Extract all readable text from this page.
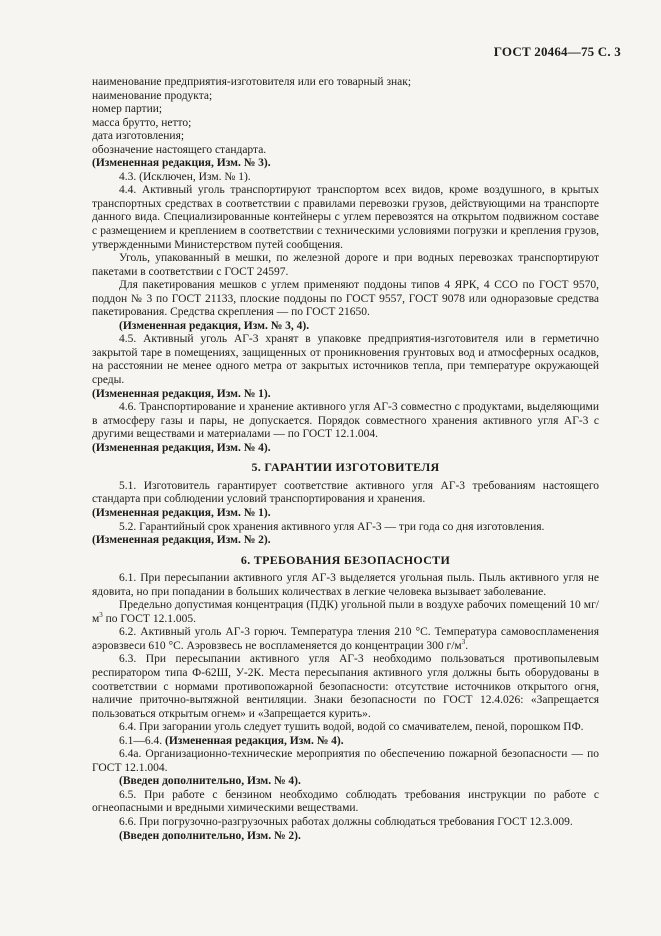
ГОСТ 20464—75 С. 3

наименование предприятия-изготовителя или его товарный знак;

наименование продукта;

номер партии;

масса брутто, нетто;

дата изготовления;

обозначение настоящего стандарта.

(Измененная редакция, Изм. № 3).

4.3. (Исключен, Изм. № 1).

4.4. Активный уголь транспортируют транспортом всех видов, кроме воздушного, в крытых транспортных средствах в соответствии с правилами перевозки грузов, действующими на транспорте данного вида. Специализированные контейнеры с углем перевозятся на открытом подвижном составе с размещением и креплением в соответствии с техническими условиями погрузки и крепления грузов, утвержденными Министерством путей сообщения.

Уголь, упакованный в мешки, по железной дороге и при водных перевозках транспортируют пакетами в соответствии с ГОСТ 24597.

Для пакетирования мешков с углем применяют поддоны типов 4 ЯРК, 4 ССО по ГОСТ 9570, поддон № 3 по ГОСТ 21133, плоские поддоны по ГОСТ 9557, ГОСТ 9078 или одноразовые средства пакетирования. Средства скрепления — по ГОСТ 21650.

(Измененная редакция, Изм. № 3, 4).

4.5. Активный уголь АГ-3 хранят в упаковке предприятия-изготовителя или в герметично закрытой таре в помещениях, защищенных от проникновения грунтовых вод и атмосферных осадков, на расстоянии не менее одного метра от закрытых источников тепла, при температуре окружающей среды.

(Измененная редакция, Изм. № 1).

4.6. Транспортирование и хранение активного угля АГ-3 совместно с продуктами, выделяющими в атмосферу газы и пары, не допускается. Порядок совместного хранения активного угля АГ-3 с другими веществами и материалами — по ГОСТ 12.1.004.

(Измененная редакция, Изм. № 4).

5. ГАРАНТИИ ИЗГОТОВИТЕЛЯ

5.1. Изготовитель гарантирует соответствие активного угля АГ-3 требованиям настоящего стандарта при соблюдении условий транспортирования и хранения.

(Измененная редакция, Изм. № 1).

5.2. Гарантийный срок хранения активного угля АГ-3 — три года со дня изготовления.

(Измененная редакция, Изм. № 2).

6. ТРЕБОВАНИЯ БЕЗОПАСНОСТИ

6.1. При пересыпании активного угля АГ-3 выделяется угольная пыль. Пыль активного угля не ядовита, но при попадании в больших количествах в легкие человека вызывает заболевание.

Предельно допустимая концентрация (ПДК) угольной пыли в воздухе рабочих помещений 10 $мг/м^3$ по ГОСТ 12.1.005.

6.2. Активный уголь АГ-3 горюч. Температура тления 210 °С. Температура самовоспламенения аэровзвеси 610 °С. Аэровзвесь не воспламеняется до концентрации 300 $г/м^3$.

6.3. При пересыпании активного угля АГ-3 необходимо пользоваться противопылевым респиратором типа Ф-62Ш, У-2К. Места пересыпания активного угля должны быть оборудованы в соответствии с нормами противопожарной безопасности: отсутствие источников открытого огня, наличие приточно-вытяжной вентиляции. Знаки безопасности по ГОСТ 12.4.026: «Запрещается пользоваться открытым огнем» и «Запрещается курить».

6.4. При загорании уголь следует тушить водой, водой со смачивателем, пеной, порошком ПФ.

6.1—6.4. (Измененная редакция, Изм. № 4).

6.4а. Организационно-технические мероприятия по обеспечению пожарной безопасности — по ГОСТ 12.1.004.

(Введен дополнительно, Изм. № 4).

6.5. При работе с бензином необходимо соблюдать требования инструкции по работе с огнеопасными и вредными химическими веществами.

6.6. При погрузочно-разгрузочных работах должны соблюдаться требования ГОСТ 12.3.009.

(Введен дополнительно, Изм. № 2).
